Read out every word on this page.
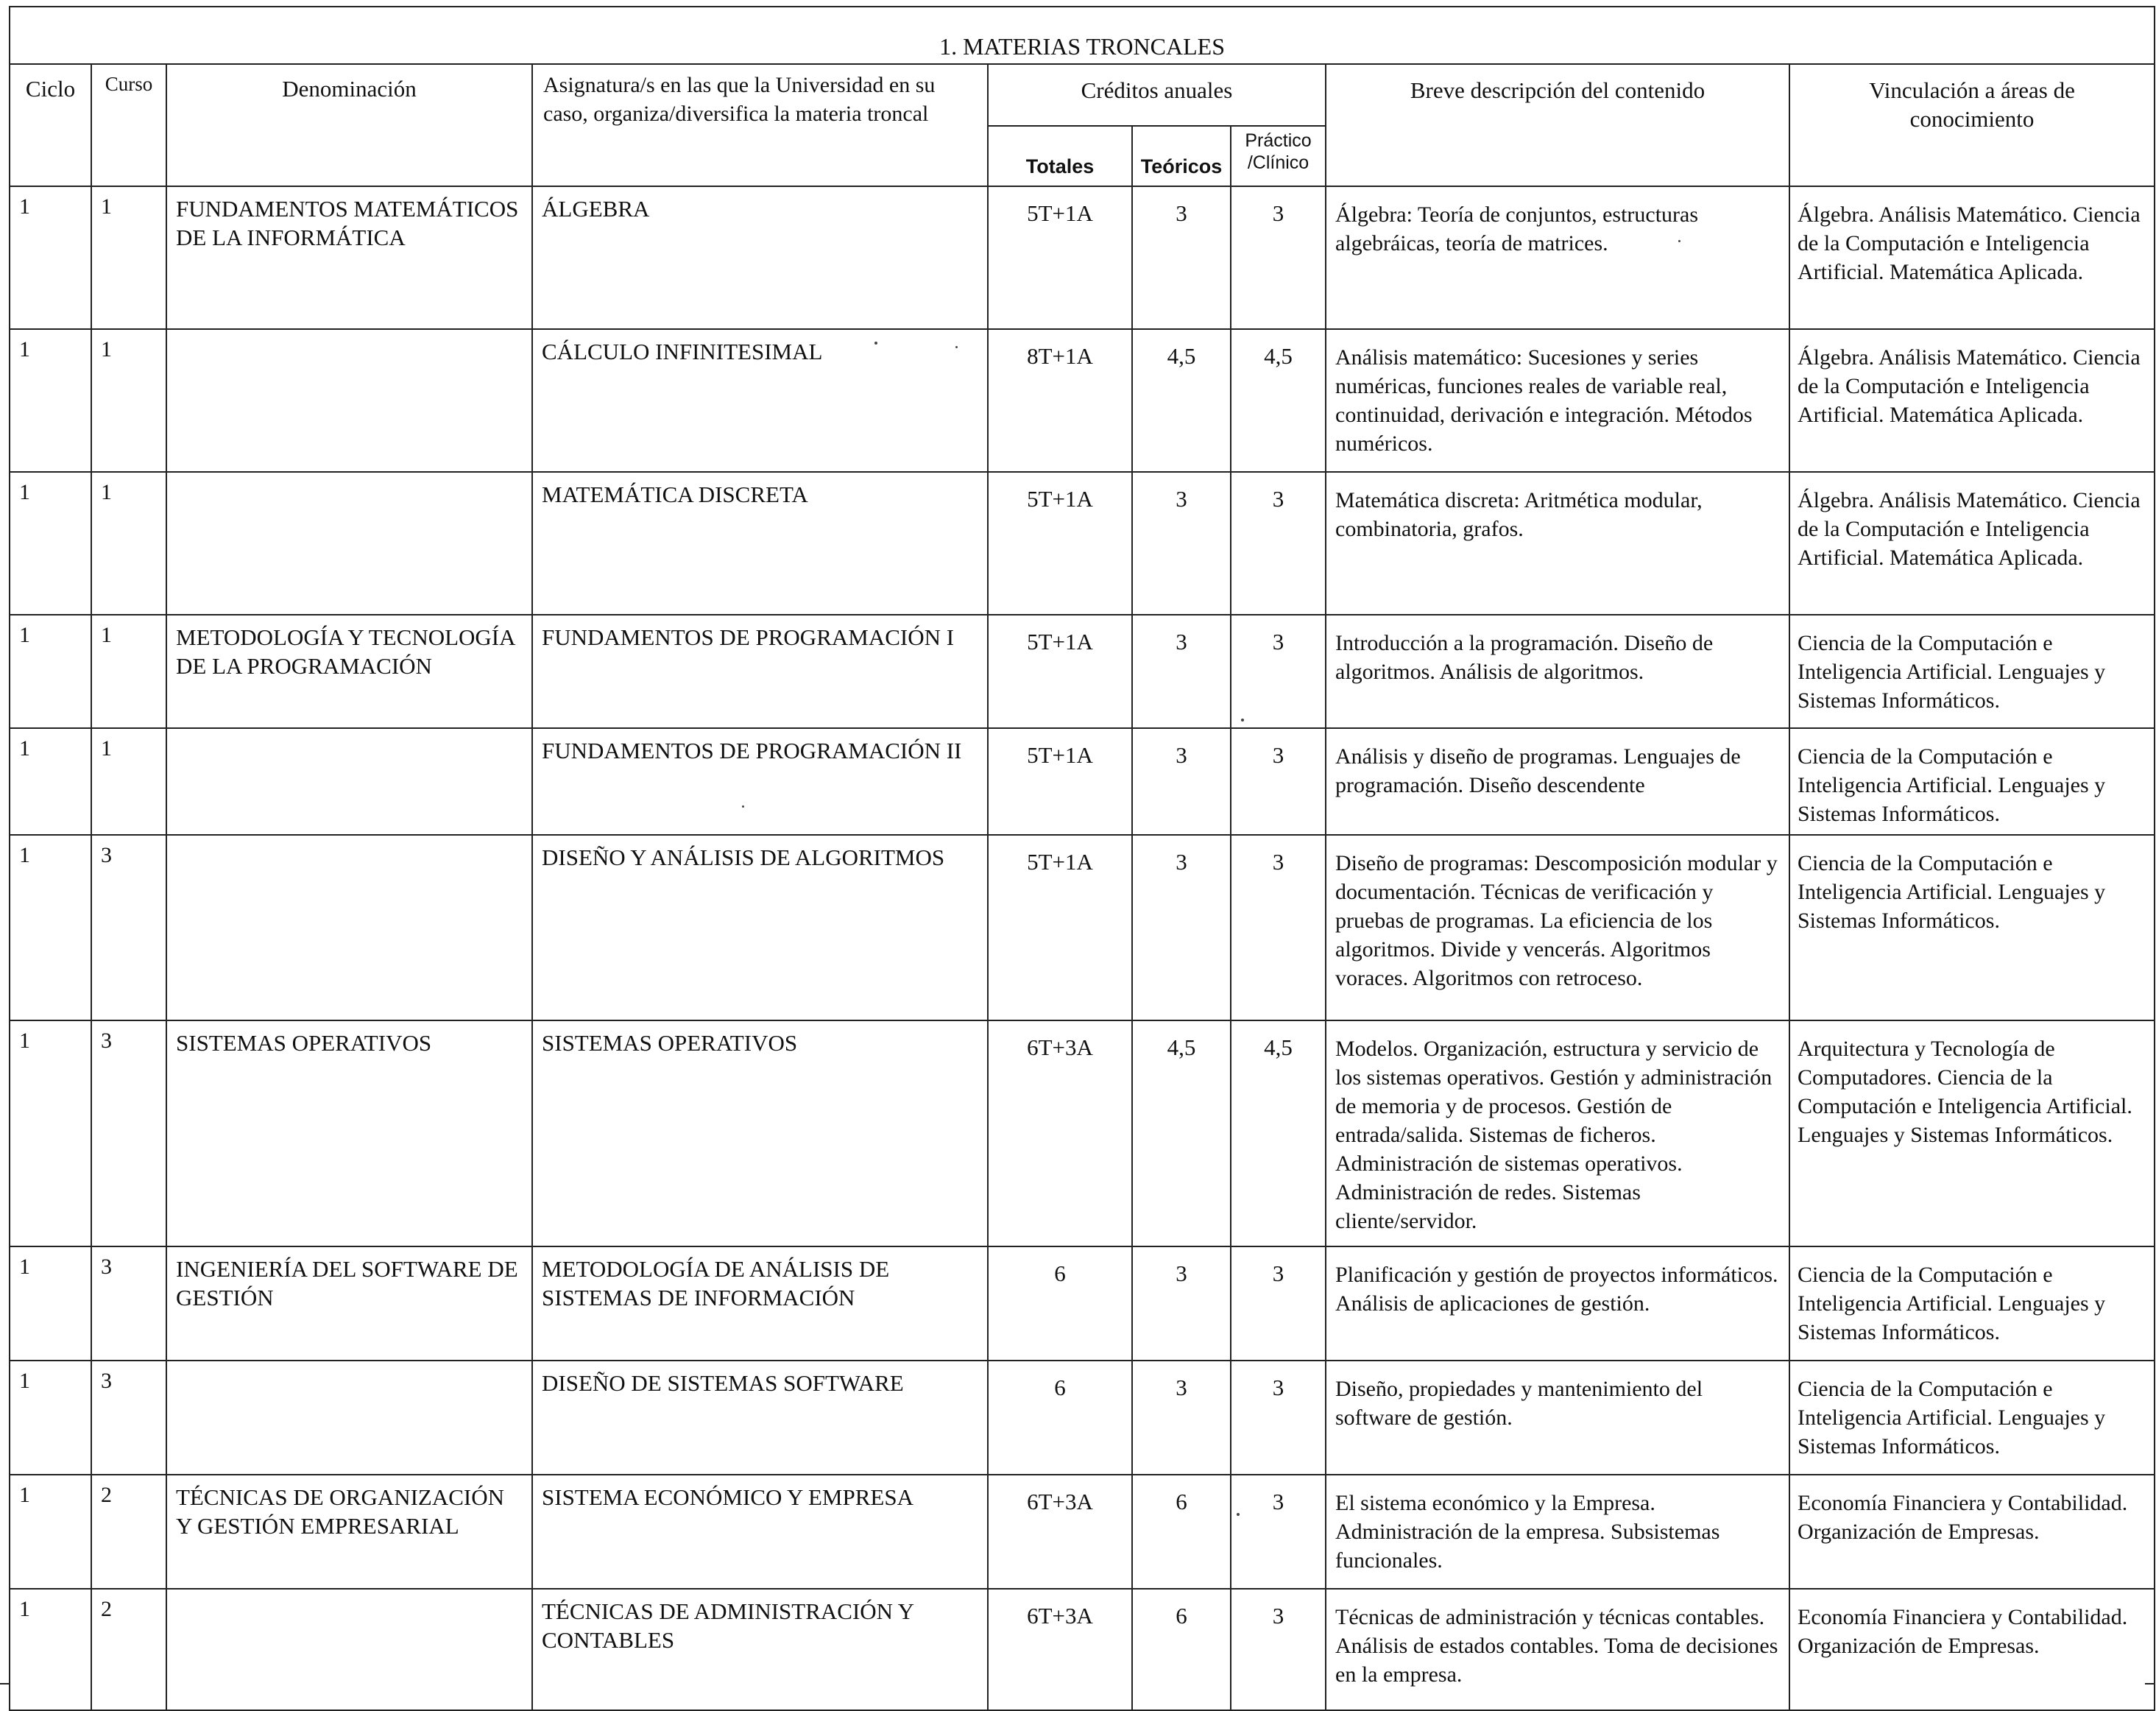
1. MATERIAS TRONCALES								
Ciclo	Curso	Denominación	Asignatura/s en las que la Universidad en su caso, organiza/diversifica la materia troncal	Créditos anuales			Breve descripción del contenido	Vinculación a áreas de conocimiento
				Totales	Teóricos	Práctico /Clínico		
1	1	FUNDAMENTOS MATEMÁTICOS DE LA INFORMÁTICA	ÁLGEBRA	5T+1A	3	3	Álgebra: Teoría de conjuntos, estructuras algebráicas, teoría de matrices.	Álgebra. Análisis Matemático. Ciencia de la Computación e Inteligencia Artificial. Matemática Aplicada.
1	1		CÁLCULO INFINITESIMAL	8T+1A	4,5	4,5	Análisis matemático: Sucesiones y series numéricas, funciones reales de variable real, continuidad, derivación e integración. Métodos numéricos.	Álgebra. Análisis Matemático. Ciencia de la Computación e Inteligencia Artificial. Matemática Aplicada.
1	1		MATEMÁTICA DISCRETA	5T+1A	3	3	Matemática discreta: Aritmética modular, combinatoria, grafos.	Álgebra. Análisis Matemático. Ciencia de la Computación e Inteligencia Artificial. Matemática Aplicada.
1	1	METODOLOGÍA Y TECNOLOGÍA DE LA PROGRAMACIÓN	FUNDAMENTOS DE PROGRAMACIÓN I	5T+1A	3	3	Introducción a la programación. Diseño de algoritmos. Análisis de algoritmos.	Ciencia de la Computación e Inteligencia Artificial. Lenguajes y Sistemas Informáticos.
1	1		FUNDAMENTOS DE PROGRAMACIÓN II	5T+1A	3	3	Análisis y diseño de programas. Lenguajes de programación. Diseño descendente	Ciencia de la Computación e Inteligencia Artificial. Lenguajes y Sistemas Informáticos.
1	3		DISEÑO Y ANÁLISIS DE ALGORITMOS	5T+1A	3	3	Diseño de programas: Descomposición modular y documentación. Técnicas de verificación y pruebas de programas. La eficiencia de los algoritmos. Divide y vencerás. Algoritmos voraces. Algoritmos con retroceso.	Ciencia de la Computación e Inteligencia Artificial. Lenguajes y Sistemas Informáticos.
1	3	SISTEMAS OPERATIVOS	SISTEMAS OPERATIVOS	6T+3A	4,5	4,5	Modelos. Organización, estructura y servicio de los sistemas operativos. Gestión y administración de memoria y de procesos. Gestión de entrada/salida. Sistemas de ficheros. Administración de sistemas operativos. Administración de redes. Sistemas cliente/servidor.	Arquitectura y Tecnología de Computadores. Ciencia de la Computación e Inteligencia Artificial. Lenguajes y Sistemas Informáticos.
1	3	INGENIERÍA DEL SOFTWARE DE GESTIÓN	METODOLOGÍA DE ANÁLISIS DE SISTEMAS DE INFORMACIÓN	6	3	3	Planificación y gestión de proyectos informáticos. Análisis de aplicaciones de gestión.	Ciencia de la Computación e Inteligencia Artificial. Lenguajes y Sistemas Informáticos.
1	3		DISEÑO DE SISTEMAS SOFTWARE	6	3	3	Diseño, propiedades y mantenimiento del software de gestión.	Ciencia de la Computación e Inteligencia Artificial. Lenguajes y Sistemas Informáticos.
1	2	TÉCNICAS DE ORGANIZACIÓN Y GESTIÓN EMPRESARIAL	SISTEMA ECONÓMICO Y EMPRESA	6T+3A	6	3	El sistema económico y la Empresa. Administración de la empresa. Subsistemas funcionales.	Economía Financiera y Contabilidad. Organización de Empresas.
1	2		TÉCNICAS DE ADMINISTRACIÓN Y CONTABLES	6T+3A	6	3	Técnicas de administración y técnicas contables. Análisis de estados contables. Toma de decisiones en la empresa.	Economía Financiera y Contabilidad. Organización de Empresas.
